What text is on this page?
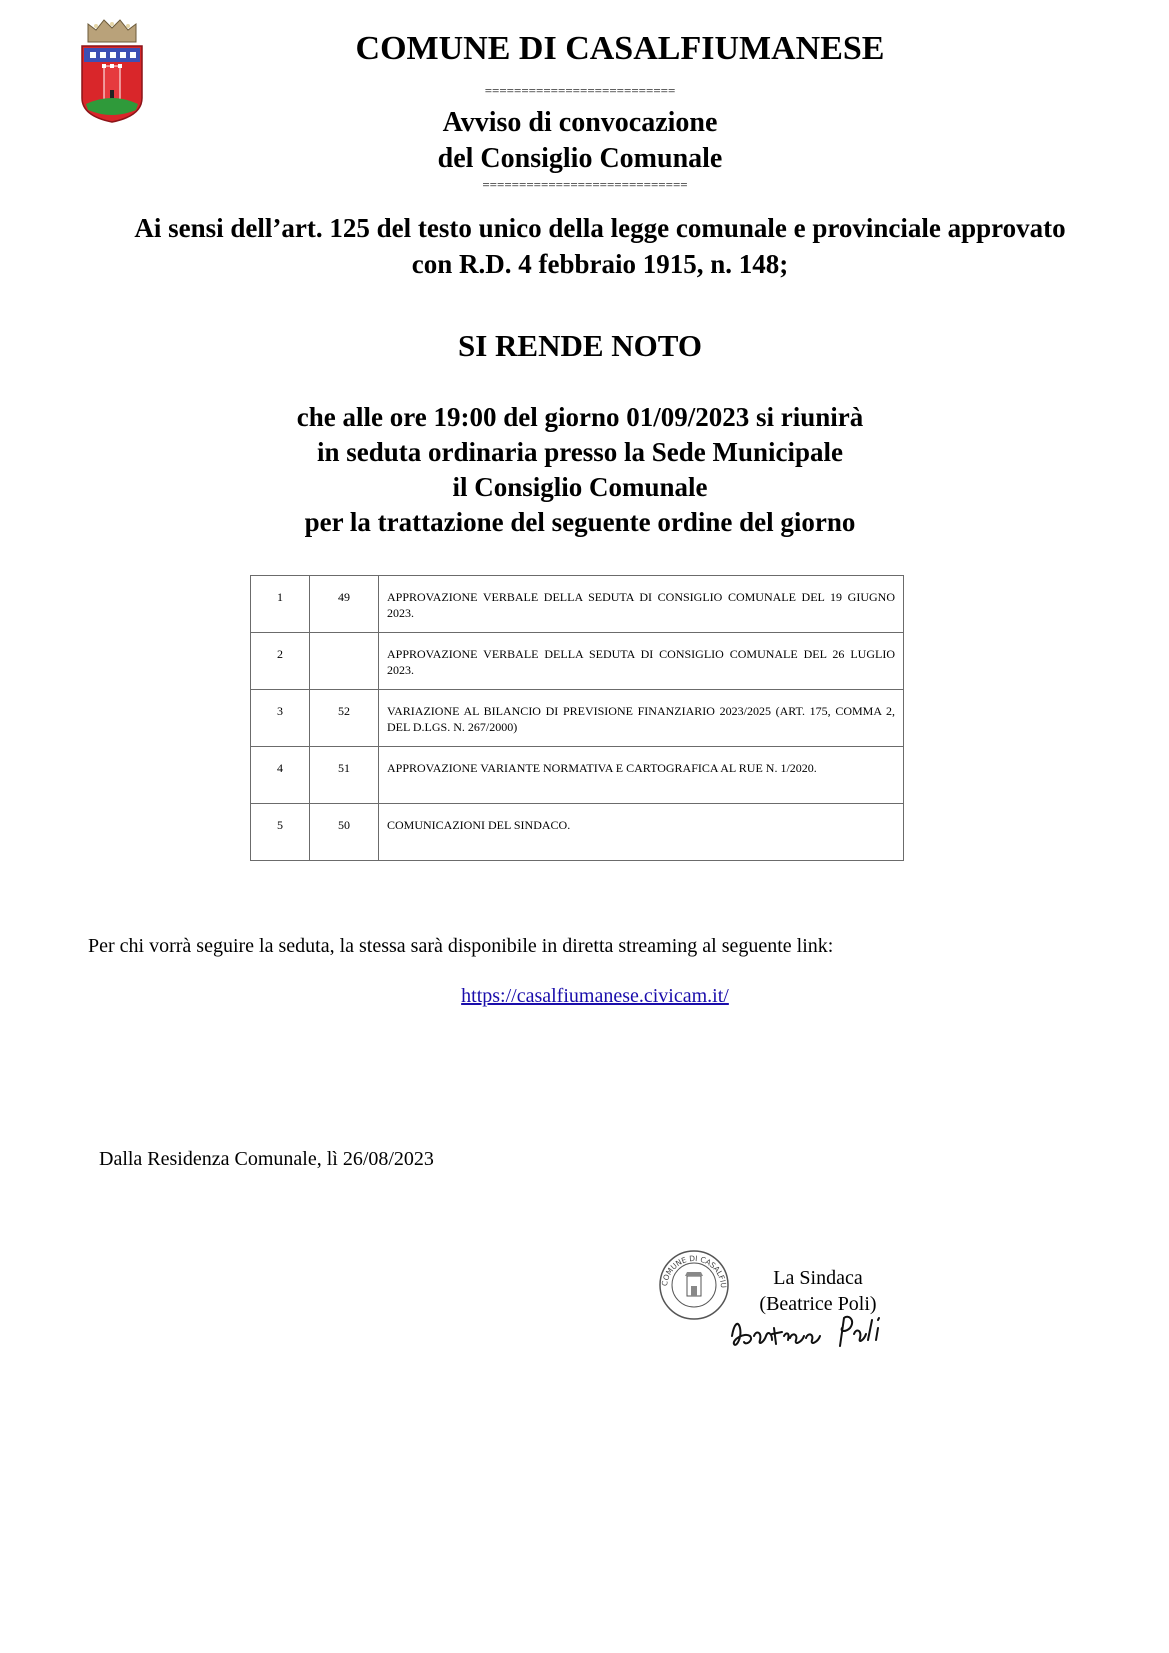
COMUNE DI CASALFIUMANESE
==========================
Avviso di convocazione
del Consiglio Comunale
============================
Ai sensi dell’art. 125 del testo unico della legge comunale e provinciale approvato
con R.D. 4 febbraio 1915, n. 148;
SI RENDE NOTO
che alle ore 19:00 del giorno 01/09/2023 si riunirà
in seduta ordinaria presso la Sede Municipale
il Consiglio Comunale
per la trattazione del seguente ordine del giorno
1	49	APPROVAZIONE VERBALE DELLA SEDUTA DI CONSIGLIO COMUNALE DEL 19 GIUGNO 2023.
2		APPROVAZIONE VERBALE DELLA SEDUTA DI CONSIGLIO COMUNALE DEL 26 LUGLIO 2023.
3	52	VARIAZIONE AL BILANCIO DI PREVISIONE FINANZIARIO 2023/2025 (ART. 175, COMMA 2, DEL D.LGS. N. 267/2000)
4	51	APPROVAZIONE VARIANTE NORMATIVA E CARTOGRAFICA AL RUE N. 1/2020.
5	50	COMUNICAZIONI DEL SINDACO.
Per chi vorrà seguire la seduta, la stessa sarà disponibile in diretta streaming al seguente link:
https://casalfiumanese.civicam.it/
Dalla Residenza Comunale, lì 26/08/2023
COMUNE DI CASALFIU	La Sindaca
(Beatrice Poli)
